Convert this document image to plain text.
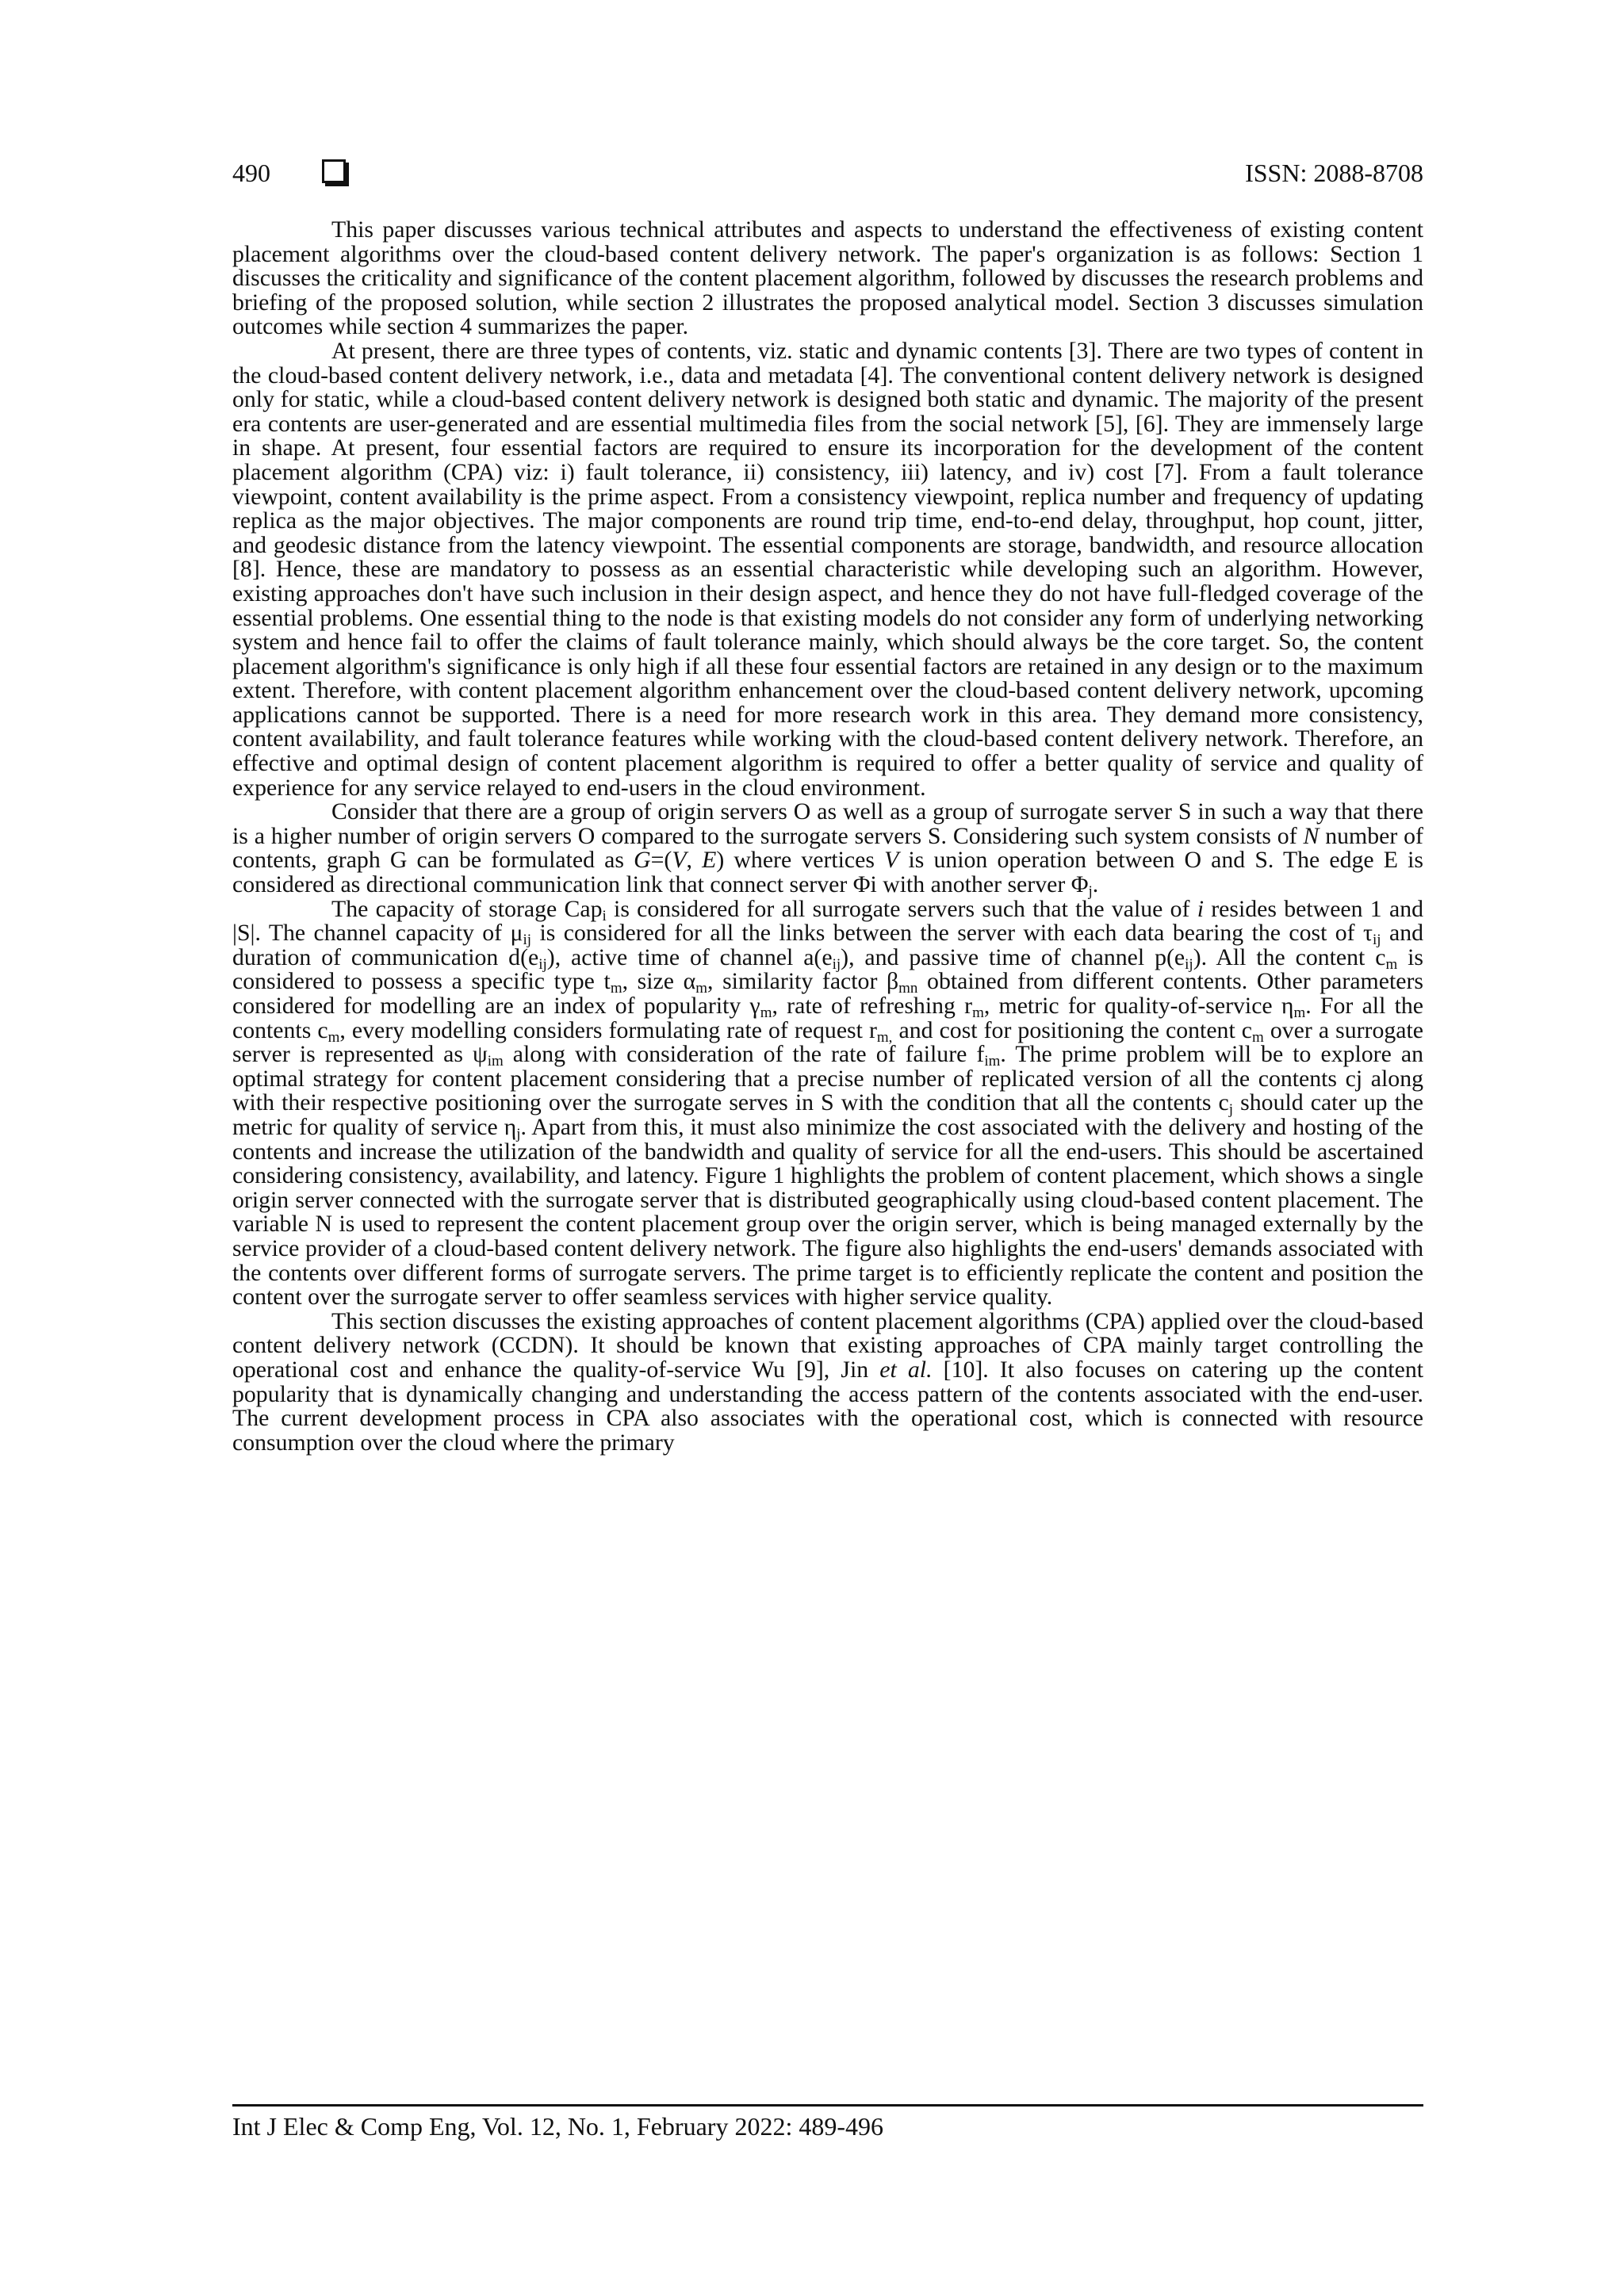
490	ISSN: 2088-8708

This paper discusses various technical attributes and aspects to understand the effectiveness of existing content placement algorithms over the cloud-based content delivery network. The paper's organization is as follows: Section 1 discusses the criticality and significance of the content placement algorithm, followed by discusses the research problems and briefing of the proposed solution, while section 2 illustrates the proposed analytical model. Section 3 discusses simulation outcomes while section 4 summarizes the paper.

At present, there are three types of contents, viz. static and dynamic contents [3]. There are two types of content in the cloud-based content delivery network, i.e., data and metadata [4]. The conventional content delivery network is designed only for static, while a cloud-based content delivery network is designed both static and dynamic. The majority of the present era contents are user-generated and are essential multimedia files from the social network [5], [6]. They are immensely large in shape. At present, four essential factors are required to ensure its incorporation for the development of the content placement algorithm (CPA) viz: i) fault tolerance, ii) consistency, iii) latency, and iv) cost [7]. From a fault tolerance viewpoint, content availability is the prime aspect. From a consistency viewpoint, replica number and frequency of updating replica as the major objectives. The major components are round trip time, end-to-end delay, throughput, hop count, jitter, and geodesic distance from the latency viewpoint. The essential components are storage, bandwidth, and resource allocation [8]. Hence, these are mandatory to possess as an essential characteristic while developing such an algorithm. However, existing approaches don't have such inclusion in their design aspect, and hence they do not have full-fledged coverage of the essential problems. One essential thing to the node is that existing models do not consider any form of underlying networking system and hence fail to offer the claims of fault tolerance mainly, which should always be the core target. So, the content placement algorithm's significance is only high if all these four essential factors are retained in any design or to the maximum extent. Therefore, with content placement algorithm enhancement over the cloud-based content delivery network, upcoming applications cannot be supported. There is a need for more research work in this area. They demand more consistency, content availability, and fault tolerance features while working with the cloud-based content delivery network. Therefore, an effective and optimal design of content placement algorithm is required to offer a better quality of service and quality of experience for any service relayed to end-users in the cloud environment.

Consider that there are a group of origin servers O as well as a group of surrogate server S in such a way that there is a higher number of origin servers O compared to the surrogate servers S. Considering such system consists of N number of contents, graph G can be formulated as G=(V, E) where vertices V is union operation between O and S. The edge E is considered as directional communication link that connect server Φi with another server $\Phi_j$.

The capacity of storage Cap$_i$ is considered for all surrogate servers such that the value of i resides between 1 and |S|. The channel capacity of $\mu_{ij}$ is considered for all the links between the server with each data bearing the cost of $\tau_{ij}$ and duration of communication $d(e_{ij})$, active time of channel $a(e_{ij})$, and passive time of channel $p(e_{ij})$. All the content $c_m$ is considered to possess a specific type $t_m$, size $\alpha_m$, similarity factor $\beta_{mn}$ obtained from different contents. Other parameters considered for modelling are an index of popularity $\gamma_m$, rate of refreshing $r_m$, metric for quality-of-service $\eta_m$. For all the contents $c_m$, every modelling considers formulating rate of request $r_{m,}$ and cost for positioning the content $c_m$ over a surrogate server is represented as $\psi_{im}$ along with consideration of the rate of failure $f_{im}$. The prime problem will be to explore an optimal strategy for content placement considering that a precise number of replicated version of all the contents cj along with their respective positioning over the surrogate serves in S with the condition that all the contents $c_j$ should cater up the metric for quality of service $\eta_j$. Apart from this, it must also minimize the cost associated with the delivery and hosting of the contents and increase the utilization of the bandwidth and quality of service for all the end-users. This should be ascertained considering consistency, availability, and latency. Figure 1 highlights the problem of content placement, which shows a single origin server connected with the surrogate server that is distributed geographically using cloud-based content placement. The variable N is used to represent the content placement group over the origin server, which is being managed externally by the service provider of a cloud-based content delivery network. The figure also highlights the end-users' demands associated with the contents over different forms of surrogate servers. The prime target is to efficiently replicate the content and position the content over the surrogate server to offer seamless services with higher service quality.

This section discusses the existing approaches of content placement algorithms (CPA) applied over the cloud-based content delivery network (CCDN). It should be known that existing approaches of CPA mainly target controlling the operational cost and enhance the quality-of-service Wu [9], Jin et al. [10]. It also focuses on catering up the content popularity that is dynamically changing and understanding the access pattern of the contents associated with the end-user. The current development process in CPA also associates with the operational cost, which is connected with resource consumption over the cloud where the primary

Int J Elec & Comp Eng, Vol. 12, No. 1, February 2022: 489-496
